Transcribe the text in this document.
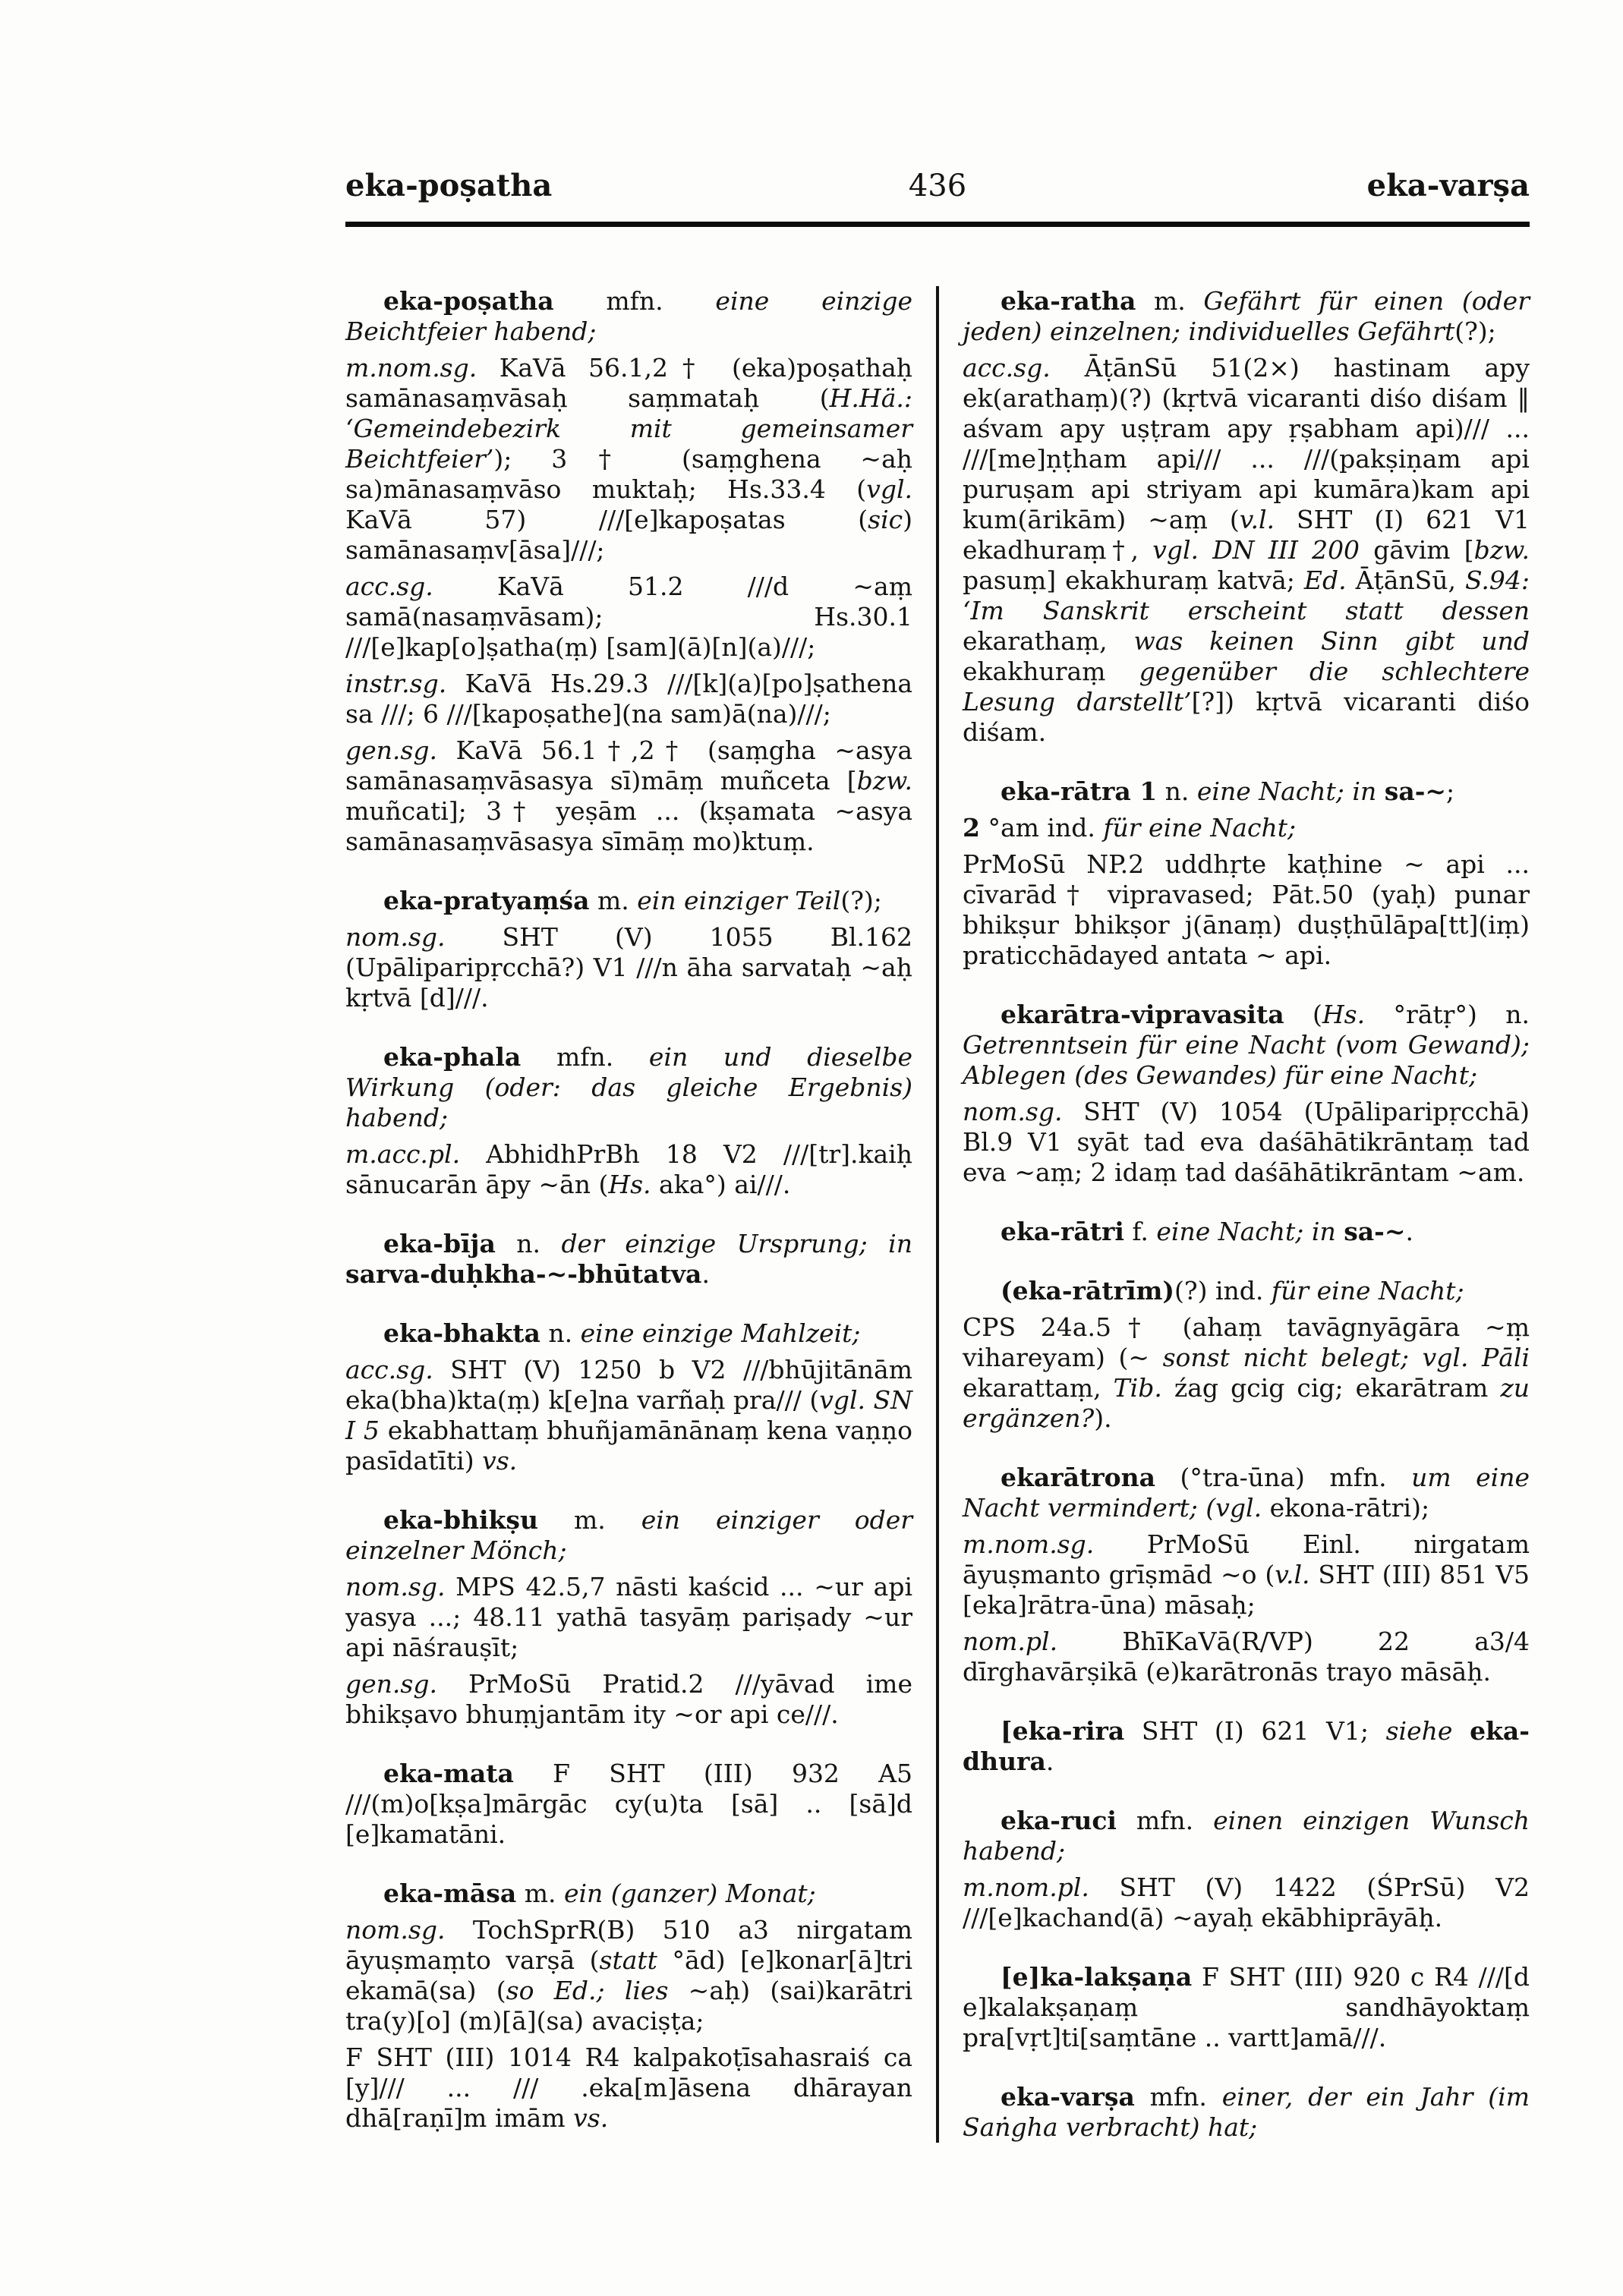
eka-poṣatha	436	eka-varṣa

eka-poṣatha mfn. eine einzige Beichtfeier habend;

m.nom.sg. KaVā 56.1,2† (eka)poṣathaḥ samānasaṃvāsaḥ saṃmataḥ (H.Hä.: ‘Gemeindebezirk mit gemeinsamer Beichtfeier’); 3† (saṃghena ~aḥ sa)mānasaṃvāso muktaḥ; Hs.33.4 (vgl. KaVā 57) ///[e]kapoṣatas (sic) samānasaṃv[āsa]///;

acc.sg. KaVā 51.2 ///d ~aṃ samā(nasaṃvāsam); Hs.30.1 ///[e]kap[o]ṣatha(ṃ) [sam](ā)[n](a)///;

instr.sg. KaVā Hs.29.3 ///[k](a)[po]ṣathena sa ///; 6 ///[kapoṣathe](na sam)ā(na)///;

gen.sg. KaVā 56.1†,2† (saṃgha ~asya samānasaṃvāsasya sī)māṃ muñceta [bzw. muñcati]; 3† yeṣām ... (kṣamata ~asya samānasaṃvāsasya sīmāṃ mo)ktuṃ.

eka-pratyaṃśa m. ein einziger Teil(?);

nom.sg. SHT (V) 1055 Bl.162 (Upāliparipṛcchā?) V1 ///n āha sarvataḥ ~aḥ kṛtvā [d]///.

eka-phala mfn. ein und dieselbe Wirkung (oder: das gleiche Ergebnis) habend;

m.acc.pl. AbhidhPrBh 18 V2 ///[tr].kaiḥ sānucarān āpy ~ān (Hs. aka°) ai///.

eka-bīja n. der einzige Ursprung; in sarva-duḥkha-~-bhūtatva.

eka-bhakta n. eine einzige Mahlzeit;

acc.sg. SHT (V) 1250 b V2 ///bhūjitānām eka(bha)kta(ṃ) k[e]na varñaḥ pra/// (vgl. SN I 5 ekabhattaṃ bhuñjamānānaṃ kena vaṇṇo pasīdatīti) vs.

eka-bhikṣu m. ein einziger oder einzelner Mönch;

nom.sg. MPS 42.5,7 nāsti kaścid ... ~ur api yasya ...; 48.11 yathā tasyāṃ pariṣady ~ur api nāśrauṣīt;

gen.sg. PrMoSū Pratid.2 ///yāvad ime bhikṣavo bhuṃjantām ity ~or api ce///.

eka-mata F SHT (III) 932 A5 ///(m)o[kṣa]mārgāc cy(u)ta [sā] .. [sā]d [e]kamatāni.

eka-māsa m. ein (ganzer) Monat;

nom.sg. TochSprR(B) 510 a3 nirgatam āyuṣmaṃto varṣā (statt °ād) [e]konar[ā]tri ekamā(sa) (so Ed.; lies ~aḥ) (sai)karātri tra(y)[o] (m)[ā](sa) avaciṣṭa;

F SHT (III) 1014 R4 kalpakoṭīsahasraiś ca [y]/// ... /// .eka[m]āsena dhārayan dhā[raṇī]m imām vs.

eka-ratha m. Gefährt für einen (oder jeden) einzelnen; individuelles Gefährt(?);

acc.sg. ĀṭānSū 51(2×) hastinam apy ek(arathaṃ)(?) (kṛtvā vicaranti diśo diśam ‖ aśvam apy uṣṭram apy ṛṣabham api)/// ... ///[me]ṇṭham api/// ... ///(pakṣiṇam api puruṣam api striyam api kumāra)kam api kum(ārikām) ~aṃ (v.l. SHT (I) 621 V1 ekadhuraṃ†, vgl. DN III 200 gāvim [bzw. pasuṃ] ekakhuraṃ katvā; Ed. ĀṭānSū, S.94: ‘Im Sanskrit erscheint statt dessen ekarathaṃ, was keinen Sinn gibt und ekakhuraṃ gegenüber die schlechtere Lesung darstellt’[?]) kṛtvā vicaranti diśo diśam.

eka-rātra 1 n. eine Nacht; in sa-~;

2 °am ind. für eine Nacht;

PrMoSū NP.2 uddhṛte kaṭhine ~ api ... cīvarād† vipravased; Pāt.50 (yaḥ) punar bhikṣur bhikṣor j(ānaṃ) duṣṭhūlāpa[tt](iṃ) praticchādayed antata ~ api.

ekarātra-vipravasita (Hs. °rātṛ°) n. Getrenntsein für eine Nacht (vom Gewand); Ablegen (des Gewandes) für eine Nacht;

nom.sg. SHT (V) 1054 (Upāliparipṛcchā) Bl.9 V1 syāt tad eva daśāhātikrāntaṃ tad eva ~aṃ; 2 idaṃ tad daśāhātikrāntam ~am.

eka-rātri f. eine Nacht; in sa-~.

(eka-rātrīm)(?) ind. für eine Nacht;

CPS 24a.5† (ahaṃ tavāgnyāgāra ~ṃ vihareyam) (~ sonst nicht belegt; vgl. Pāli ekarattaṃ, Tib. źag gcig cig; ekarātram zu ergänzen?).

ekarātrona (°tra-ūna) mfn. um eine Nacht vermindert; (vgl. ekona-rātri);

m.nom.sg. PrMoSū Einl. nirgatam āyuṣmanto grīṣmād ~o (v.l. SHT (III) 851 V5 [eka]rātra-ūna) māsaḥ;

nom.pl. BhīKaVā(R/VP) 22 a3/4 dīrghavārṣikā (e)karātronās trayo māsāḥ.

[eka-rira SHT (I) 621 V1; siehe eka-dhura.

eka-ruci mfn. einen einzigen Wunsch habend;

m.nom.pl. SHT (V) 1422 (ŚPrSū) V2 ///[e]kachand(ā) ~ayaḥ ekābhiprāyāḥ.

[e]ka-lakṣaṇa F SHT (III) 920 c R4 ///[d e]kalakṣaṇaṃ sandhāyoktaṃ pra[vṛt]ti[saṃtāne .. vartt]amā///.

eka-varṣa mfn. einer, der ein Jahr (im Saṅgha verbracht) hat;
